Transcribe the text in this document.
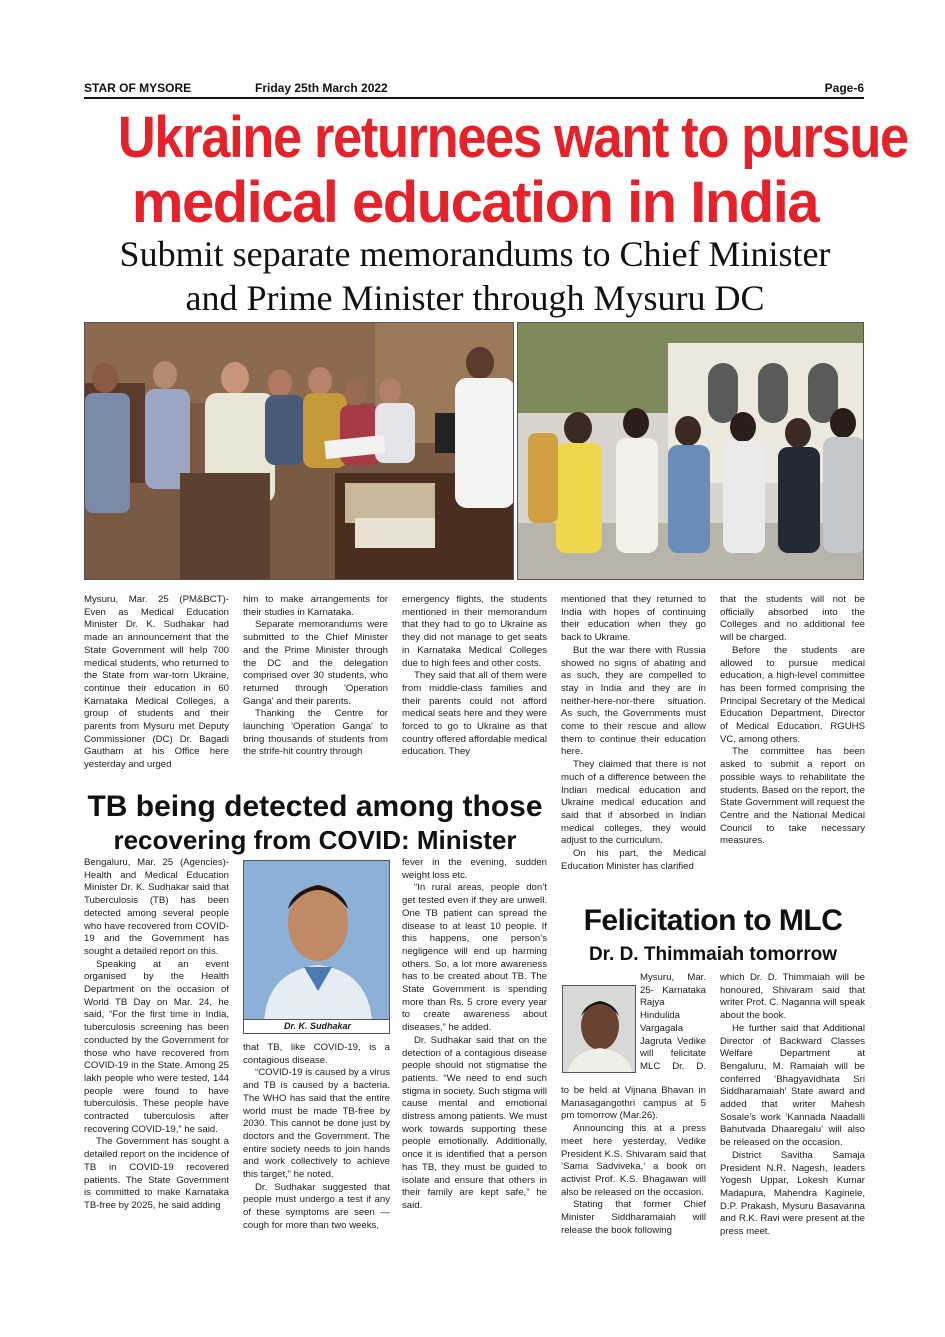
STAR OF MYSORE	Friday 25th March 2022	Page-6
Ukraine returnees want to pursue
medical education in India
Submit separate memorandums to Chief Minister
and Prime Minister through Mysuru DC

Mysuru, Mar. 25 (PM&BCT)- Even as Medical Education Minister Dr. K. Sudhakar had made an announcement that the State Government will help 700 medical students, who returned to the State from war-torn Ukraine, continue their education in 60 Karnataka Medical Colleges, a group of students and their parents from Mysuru met Deputy Commissioner (DC) Dr. Bagadi Gautham at his Office here yesterday and urged

him to make arrangements for their studies in Karnataka.

Separate memorandums were submitted to the Chief Minister and the Prime Minister through the DC and the delegation comprised over 30 students, who returned through 'Operation Ganga' and their parents.

Thanking the Centre for launching 'Operation Ganga' to bring thousands of students from the strife-hit country through

emergency flights, the students mentioned in their memorandum that they had to go to Ukraine as they did not manage to get seats in Karnataka Medical Colleges due to high fees and other costs.

They said that all of them were from middle-class families and their parents could not afford medical seats here and they were forced to go to Ukraine as that country offered affordable medical education. They

mentioned that they returned to India with hopes of continuing their education when they go back to Ukraine.

But the war there with Russia showed no signs of abating and as such, they are compelled to stay in India and they are in neither-here-nor-there situation. As such, the Governments must come to their rescue and allow them to continue their education here.

They claimed that there is not much of a difference between the Indian medical education and Ukraine medical education and said that if absorbed in Indian medical colleges, they would adjust to the curriculum.

On his part, the Medical Education Minister has clarified

that the students will not be officially absorbed into the Colleges and no additional fee will be charged.

Before the students are allowed to pursue medical education, a high-level committee has been formed comprising the Principal Secretary of the Medical Education Department, Director of Medical Education, RGUHS VC, among others.

The committee has been asked to submit a report on possible ways to rehabilitate the students. Based on the report, the State Government will request the Centre and the National Medical Council to take necessary measures.

TB being detected among those
recovering from COVID: Minister
Dr. K. Sudhakar

Bengaluru, Mar. 25 (Agencies)- Health and Medical Education Minister Dr. K. Sudhakar said that Tuberculosis (TB) has been detected among several people who have recovered from COVID-19 and the Government has sought a detailed report on this.

Speaking at an event organised by the Health Department on the occasion of World TB Day on Mar. 24, he said, “For the first time in India, tuberculosis screening has been conducted by the Government for those who have recovered from COVID-19 in the State. Among 25 lakh people who were tested, 144 people were found to have tuberculosis. These people have contracted tuberculosis after recovering COVID-19,” he said.

The Government has sought a detailed report on the incidence of TB in COVID-19 recovered patients. The State Government is committed to make Karnataka TB-free by 2025, he said adding

that TB, like COVID-19, is a contagious disease.

“COVID-19 is caused by a virus and TB is caused by a bacteria. The WHO has said that the entire world must be made TB-free by 2030. This cannot be done just by doctors and the Government. The entire society needs to join hands and work collectively to achieve this target,” he noted.

Dr. Sudhakar suggested that people must undergo a test if any of these symptoms are seen — cough for more than two weeks,

fever in the evening, sudden weight loss etc.

“In rural areas, people don’t get tested even if they are unwell. One TB patient can spread the disease to at least 10 people. If this happens, one person’s negligence will end up harming others. So, a lot more awareness has to be created about TB. The State Government is spending more than Rs. 5 crore every year to create awareness about diseases,” he added.

Dr. Sudhakar said that on the detection of a contagious disease people should not stigmatise the patients. “We need to end such stigma in society. Such stigma will cause mental and emotional distress among patients. We must work towards supporting these people emotionally. Additionally, once it is identified that a person has TB, they must be guided to isolate and ensure that others in their family are kept safe,” he said.

Felicitation to MLC
Dr. D. Thimmaiah tomorrow

Mysuru, Mar. 25- Karnataka Rajya Hindulida Vargagala Jagruta Vedike will felicitate MLC Dr. D.

to be held at Vijnana Bhavan in Manasagangothri campus at 5 pm tomorrow (Mar.26).

Announcing this at a press meet here yesterday, Vedike President K.S. Shivaram said that ‘Sama Sadviveka,’ a book on activist Prof. K.S. Bhagawan will also be released on the occasion.

Stating that former Chief Minister Siddharamaiah will release the book following

which Dr. D. Thimmaiah will be honoured, Shivaram said that writer Prof. C. Naganna will speak about the book.

He further said that Additional Director of Backward Classes Welfare Department at Bengaluru, M. Ramaiah will be conferred ‘Bhagyavidhata Sri Siddharamaiah’ State award and added that writer Mahesh Sosale’s work ‘Kannada Naadalli Bahutvada Dhaaregalu’ will also be released on the occasion.

District Savitha Samaja President N.R. Nagesh, leaders Yogesh Uppar, Lokesh Kumar Madapura, Mahendra Kaginele, D.P. Prakash, Mysuru Basavanna and R.K. Ravi were present at the press meet.
